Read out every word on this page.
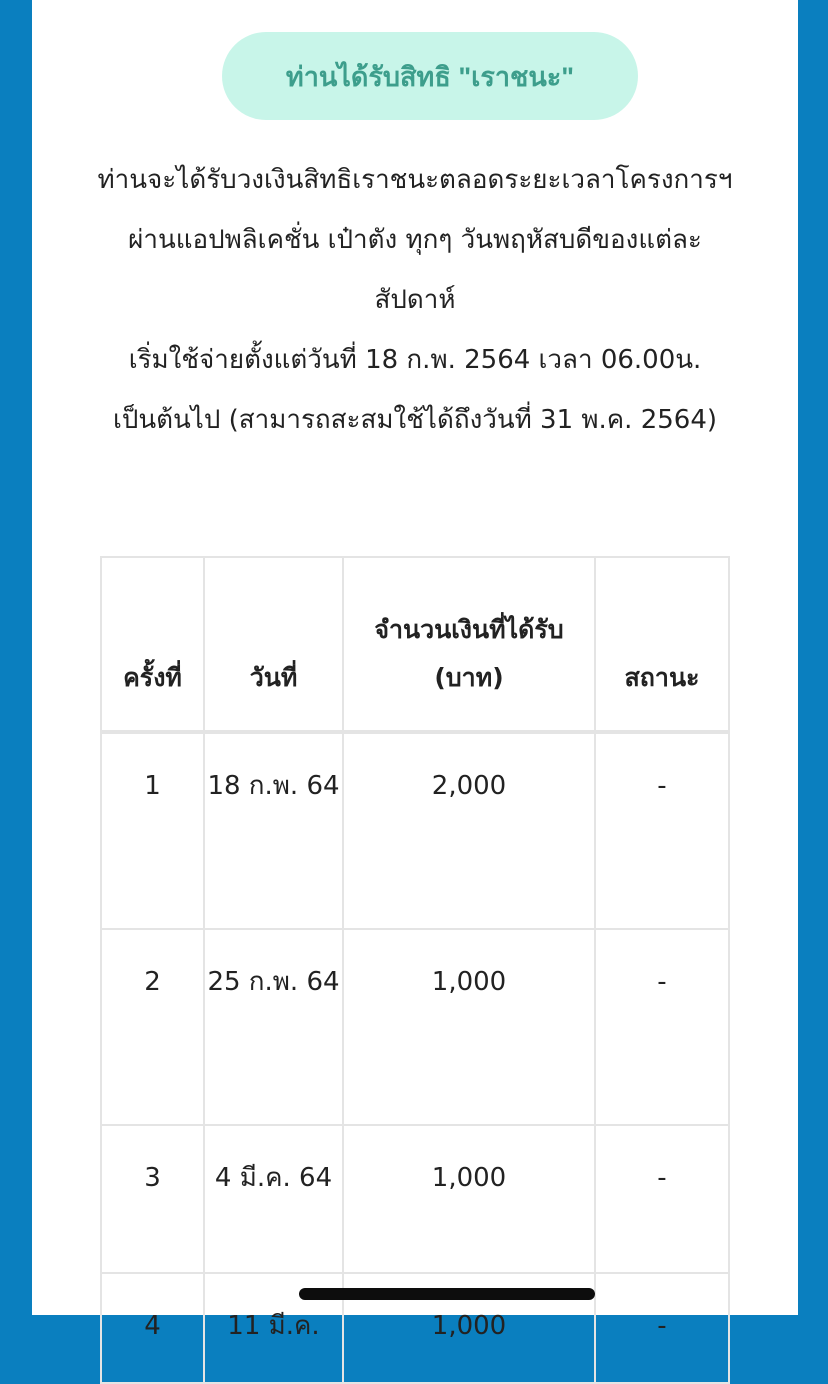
ท่านได้รับสิทธิ "เราชนะ"

ท่านจะได้รับวงเงินสิทธิเราชนะตลอดระยะเวลาโครงการฯ ผ่านแอปพลิเคชั่น เป๋าตัง ทุกๆ วันพฤหัสบดีของแต่ละสัปดาห์

เริ่มใช้จ่ายตั้งแต่วันที่ 18 ก.พ. 2564 เวลา 06.00น. เป็นต้นไป (สามารถสะสมใช้ได้ถึงวันที่ 31 พ.ค. 2564)

ครั้งที่	วันที่	จำนวนเงินที่ได้รับ (บาท)	สถานะ
1	18 ก.พ. 64	2,000	-
2	25 ก.พ. 64	1,000	-
3	4 มี.ค. 64	1,000	-
4	11 มี.ค.	1,000	-
